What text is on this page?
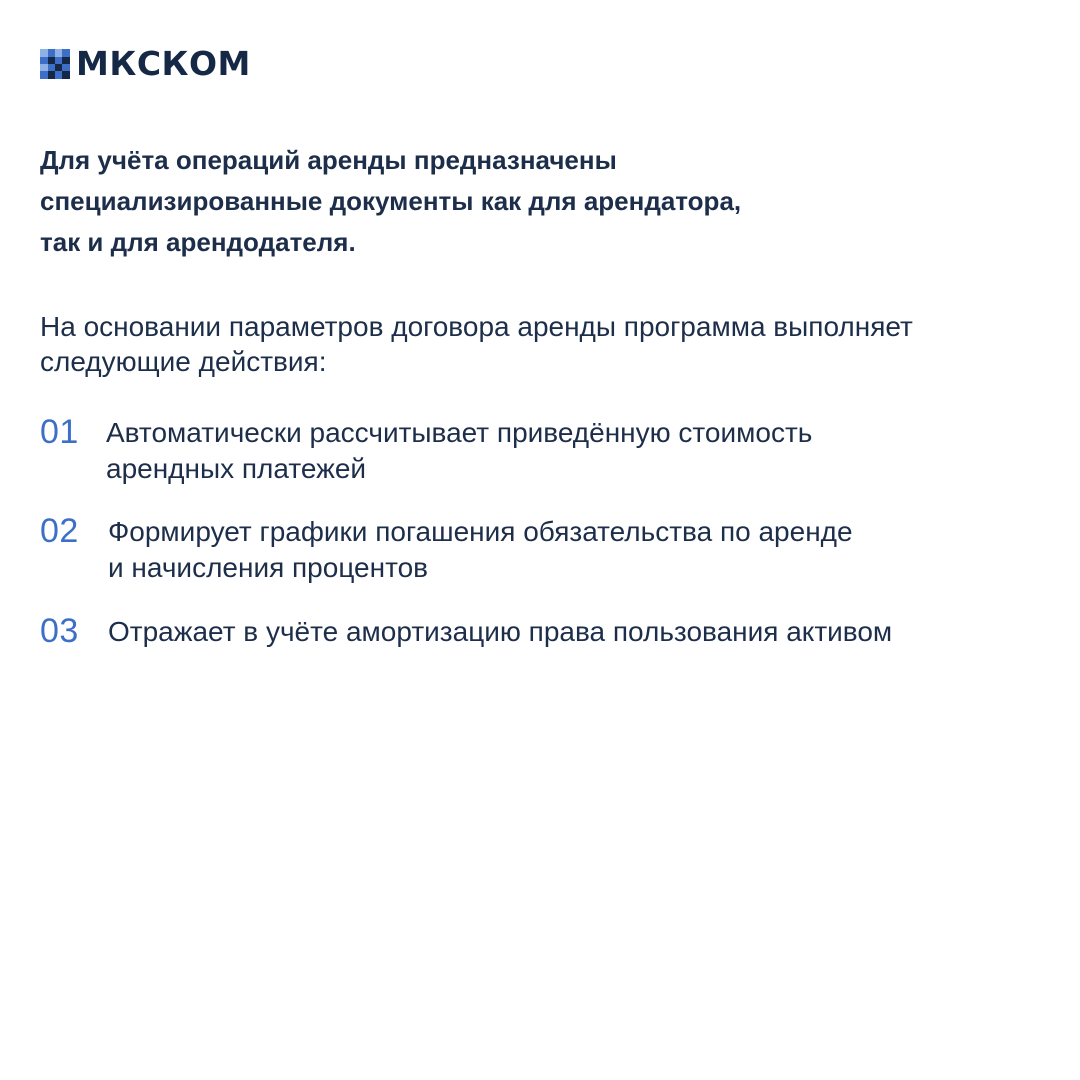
МКСКОМ
Для учёта операций аренды предназначены
специализированные документы как для арендатора,
так и для арендодателя.

На основании параметров договора аренды программа выполняет
следующие действия:

01 Автоматически рассчитывает приведённую стоимость
арендных платежей
02 Формирует графики погашения обязательства по аренде
и начисления процентов
03 Отражает в учёте амортизацию права пользования активом
